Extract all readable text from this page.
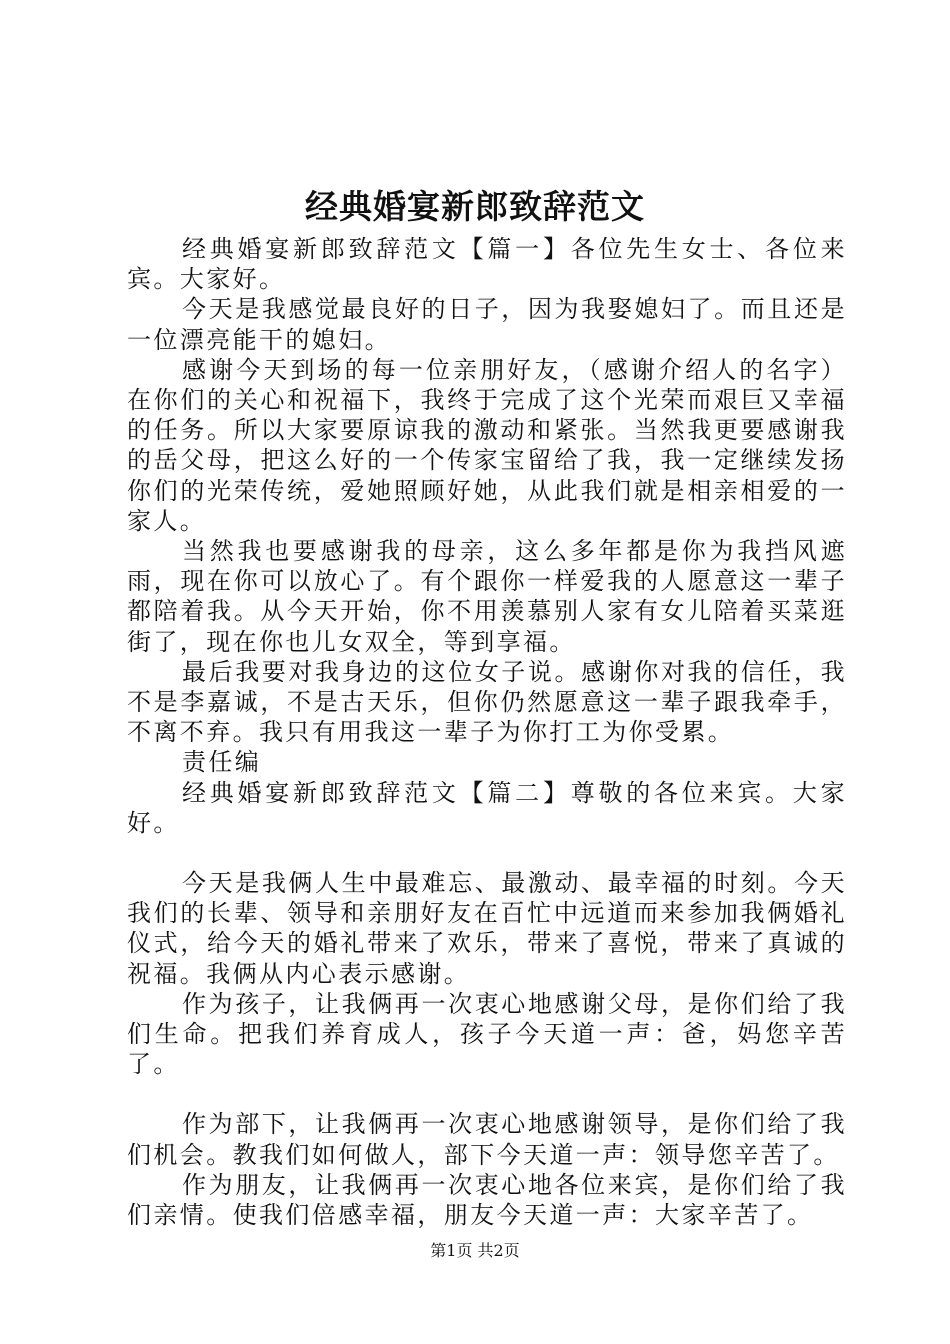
经典婚宴新郎致辞范文

经典婚宴新郎致辞范文【篇一】各位先生女士、各位来宾。大家好。

今天是我感觉最良好的日子，因为我娶媳妇了。而且还是一位漂亮能干的媳妇。

感谢今天到场的每一位亲朋好友，（感谢介绍人的名字）在你们的关心和祝福下，我终于完成了这个光荣而艰巨又幸福的任务。所以大家要原谅我的激动和紧张。当然我更要感谢我的岳父母，把这么好的一个传家宝留给了我，我一定继续发扬你们的光荣传统，爱她照顾好她，从此我们就是相亲相爱的一家人。

当然我也要感谢我的母亲，这么多年都是你为我挡风遮雨，现在你可以放心了。有个跟你一样爱我的人愿意这一辈子都陪着我。从今天开始，你不用羡慕别人家有女儿陪着买菜逛街了，现在你也儿女双全，等到享福。

最后我要对我身边的这位女子说。感谢你对我的信任，我不是李嘉诚，不是古天乐，但你仍然愿意这一辈子跟我牵手，不离不弃。我只有用我这一辈子为你打工为你受累。

责任编

经典婚宴新郎致辞范文【篇二】尊敬的各位来宾。大家好。

今天是我俩人生中最难忘、最激动、最幸福的时刻。今天我们的长辈、领导和亲朋好友在百忙中远道而来参加我俩婚礼仪式，给今天的婚礼带来了欢乐，带来了喜悦，带来了真诚的祝福。我俩从内心表示感谢。

作为孩子，让我俩再一次衷心地感谢父母，是你们给了我们生命。把我们养育成人，孩子今天道一声：爸，妈您辛苦了。

作为部下，让我俩再一次衷心地感谢领导，是你们给了我们机会。教我们如何做人，部下今天道一声：领导您辛苦了。

作为朋友，让我俩再一次衷心地各位来宾，是你们给了我们亲情。使我们倍感幸福，朋友今天道一声：大家辛苦了。

第1页 共2页
